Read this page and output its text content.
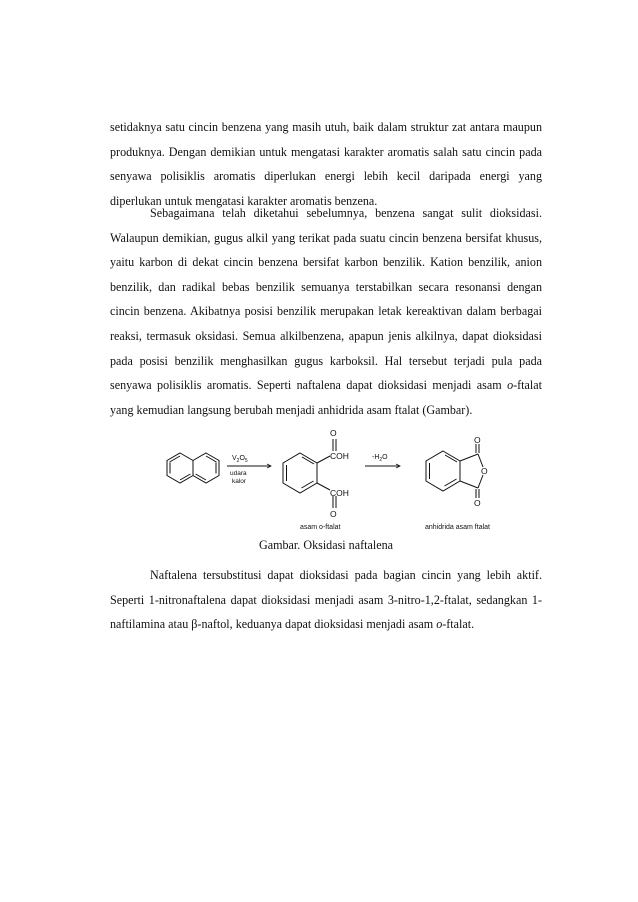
setidaknya satu cincin benzena yang masih utuh, baik dalam struktur zat antara maupun produknya. Dengan demikian untuk mengatasi karakter aromatis salah satu cincin pada senyawa polisiklis aromatis diperlukan energi lebih kecil daripada energi yang diperlukan untuk mengatasi karakter aromatis benzena.

Sebagaimana telah diketahui sebelumnya, benzena sangat sulit dioksidasi. Walaupun demikian, gugus alkil yang terikat pada suatu cincin benzena bersifat khusus, yaitu karbon di dekat cincin benzena bersifat karbon benzilik. Kation benzilik, anion benzilik, dan radikal bebas benzilik semuanya terstabilkan secara resonansi dengan cincin benzena. Akibatnya posisi benzilik merupakan letak kereaktivan dalam berbagai reaksi, termasuk oksidasi. Semua alkilbenzena, apapun jenis alkilnya, dapat dioksidasi pada posisi benzilik menghasilkan gugus karboksil. Hal tersebut terjadi pula pada senyawa polisiklis aromatis. Seperti naftalena dapat dioksidasi menjadi asam o-ftalat yang kemudian langsung berubah menjadi anhidrida asam ftalat (Gambar).

$V_2O_5$
udara
kalor
O
COH
COH
O
$-H_2O$
O
O
O
asam o-ftalat	anhidrida asam ftalat
Gambar. Oksidasi naftalena

Naftalena tersubstitusi dapat dioksidasi pada bagian cincin yang lebih aktif. Seperti 1-nitronaftalena dapat dioksidasi menjadi asam 3-nitro-1,2-ftalat, sedangkan 1-naftilamina atau β-naftol, keduanya dapat dioksidasi menjadi asam o-ftalat.
